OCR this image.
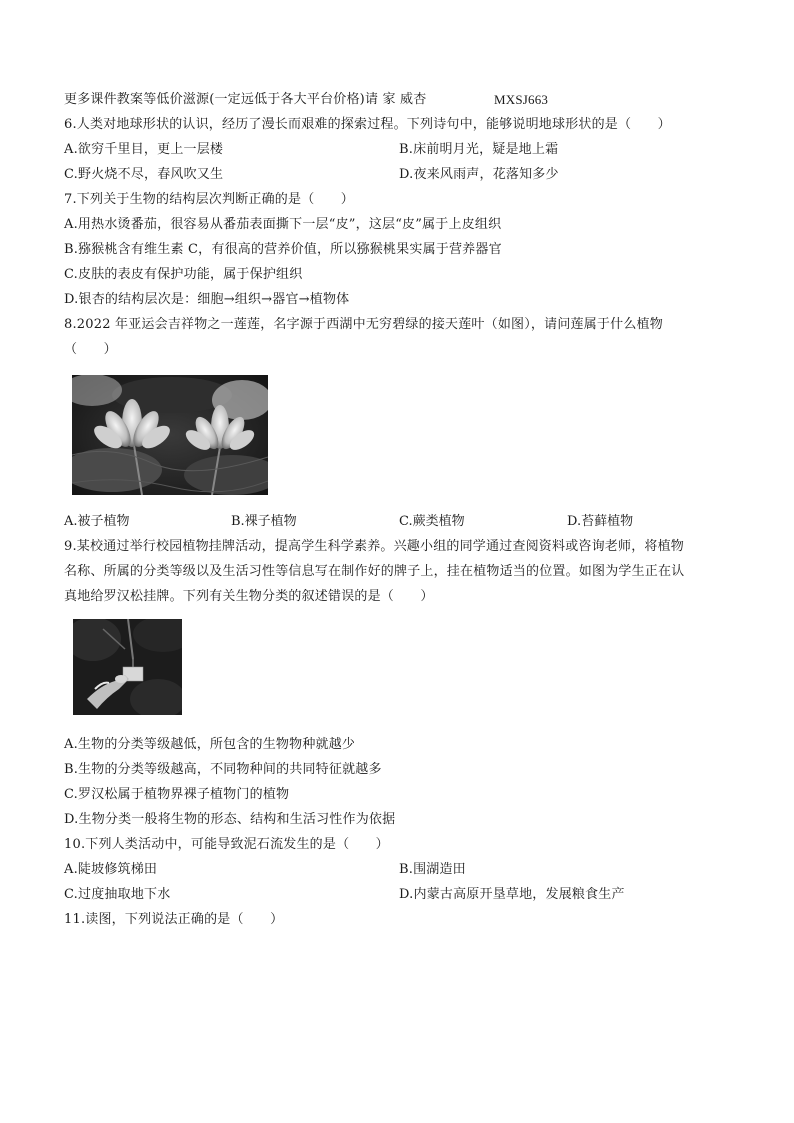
更多课件教案等低价滋源(一定远低于各大平台价格)请 家 威杏	MXSJ663
6.人类对地球形状的认识，经历了漫长而艰难的探索过程。下列诗句中，能够说明地球形状的是（　　）
A.欲穷千里目，更上一层楼	B.床前明月光，疑是地上霜
C.野火烧不尽，春风吹又生	D.夜来风雨声，花落知多少
7.下列关于生物的结构层次判断正确的是（　　）
A.用热水烫番茄，很容易从番茄表面撕下一层“皮”，这层“皮”属于上皮组织
B.猕猴桃含有维生素 C，有很高的营养价值，所以猕猴桃果实属于营养器官
C.皮肤的表皮有保护功能，属于保护组织
D.银杏的结构层次是：细胞→组织→器官→植物体
8.2022 年亚运会吉祥物之一莲莲，名字源于西湖中无穷碧绿的接天莲叶（如图），请问莲属于什么植物
（　　）
A.被子植物	B.裸子植物	C.蕨类植物	D.苔藓植物
9.某校通过举行校园植物挂牌活动，提高学生科学素养。兴趣小组的同学通过查阅资料或咨询老师，将植物
名称、所属的分类等级以及生活习性等信息写在制作好的牌子上，挂在植物适当的位置。如图为学生正在认
真地给罗汉松挂牌。下列有关生物分类的叙述错误的是（　　）
A.生物的分类等级越低，所包含的生物物种就越少
B.生物的分类等级越高，不同物种间的共同特征就越多
C.罗汉松属于植物界裸子植物门的植物
D.生物分类一般将生物的形态、结构和生活习性作为依据
10.下列人类活动中，可能导致泥石流发生的是（　　）
A.陡坡修筑梯田	B.围湖造田
C.过度抽取地下水	D.内蒙古高原开垦草地，发展粮食生产
11.读图，下列说法正确的是（　　）
